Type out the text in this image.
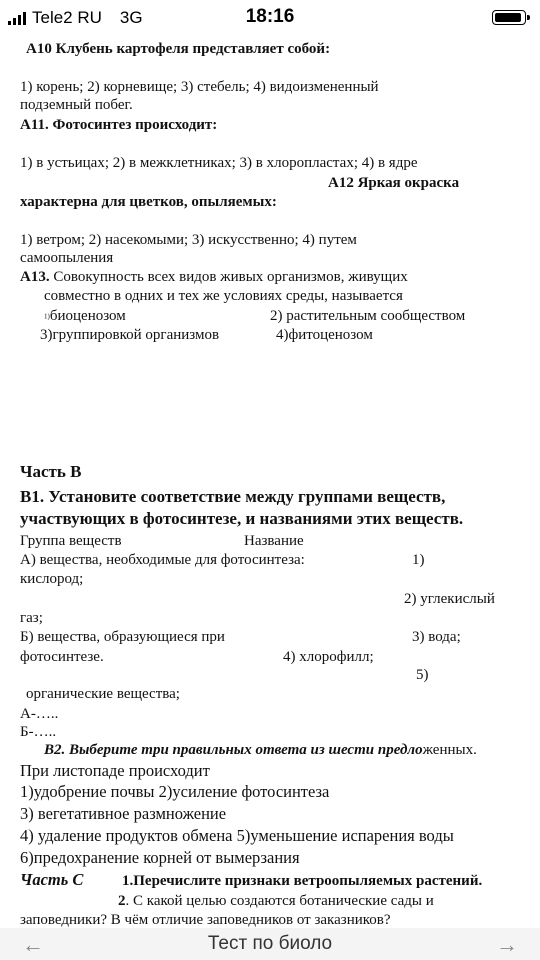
Tele2 RU 3G	18:16
А10 Клубень картофеля представляет собой:
1) корень; 2) корневище; 3) стебель; 4) видоизмененный
подземный побег.
А11. Фотосинтез происходит:
1) в устьицах; 2) в межклетниках; 3) в хлоропластах; 4) в ядре
А12 Яркая окраска
характерна для цветков, опыляемых:
1) ветром; 2) насекомыми; 3) искусственно; 4) путем
самоопыления
А13. Совокупность всех видов живых организмов, живущих
совместно в одних и тех же условиях среды, называется
1)биоценозом	2) растительным сообществом
3)группировкой организмов	4)фитоценозом
Часть В
В1. Установите соответствие между группами веществ,
участвующих в фотосинтезе, и названиями этих веществ.
Группа веществ	Название
А) вещества, необходимые для фотосинтеза:	1)
кислород;
2) углекислый
газ;
Б) вещества, образующиеся при	3) вода;
фотосинтезе.	4) хлорофилл;
5)
органические вещества;
А-…..
Б-…..
В2. Выберите три правильных ответа из шести предложенных.
При листопаде происходит
1)удобрение почвы 2)усиление фотосинтеза
3) вегетативное размножение
4) удаление продуктов обмена 5)уменьшение испарения воды
6)предохранение корней от вымерзания
Часть С	1.Перечислите признаки ветроопыляемых растений.
2. С какой целью создаются ботанические сады и
заповедники? В чём отличие заповедников от заказников?
←	Тест по биоло	→
